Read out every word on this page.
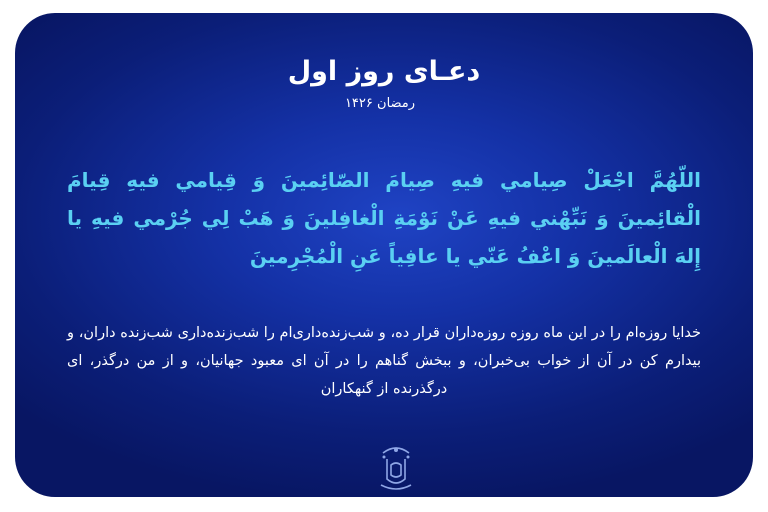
دعـای روز اول
رمضان ۱۴۲۶
اللّهُمَّ اجْعَلْ صِيامي فيهِ صِيامَ الصّائِمينَ وَ قِيامي فيهِ قِيامَ الْقائِمينَ وَ نَبِّهْني فيهِ عَنْ نَوْمَةِ الْغافِلينَ وَ هَبْ لِي جُرْمي فيهِ يا إِلهَ الْعالَمينَ وَ اعْفُ عَنّي يا عافِياً عَنِ الْمُجْرِمينَ
خدایا روزه‌ام را در این ماه روزه روزه‌داران قرار ده، و شب‌زنده‌داری‌ام را شب‌زنده‌داری شب‌زنده داران، و بیدارم کن در آن از خواب بی‌خبران، و ببخش گناهم را در آن ای معبود جهانیان، و از من درگذر، ای درگذرنده از گنهکاران
